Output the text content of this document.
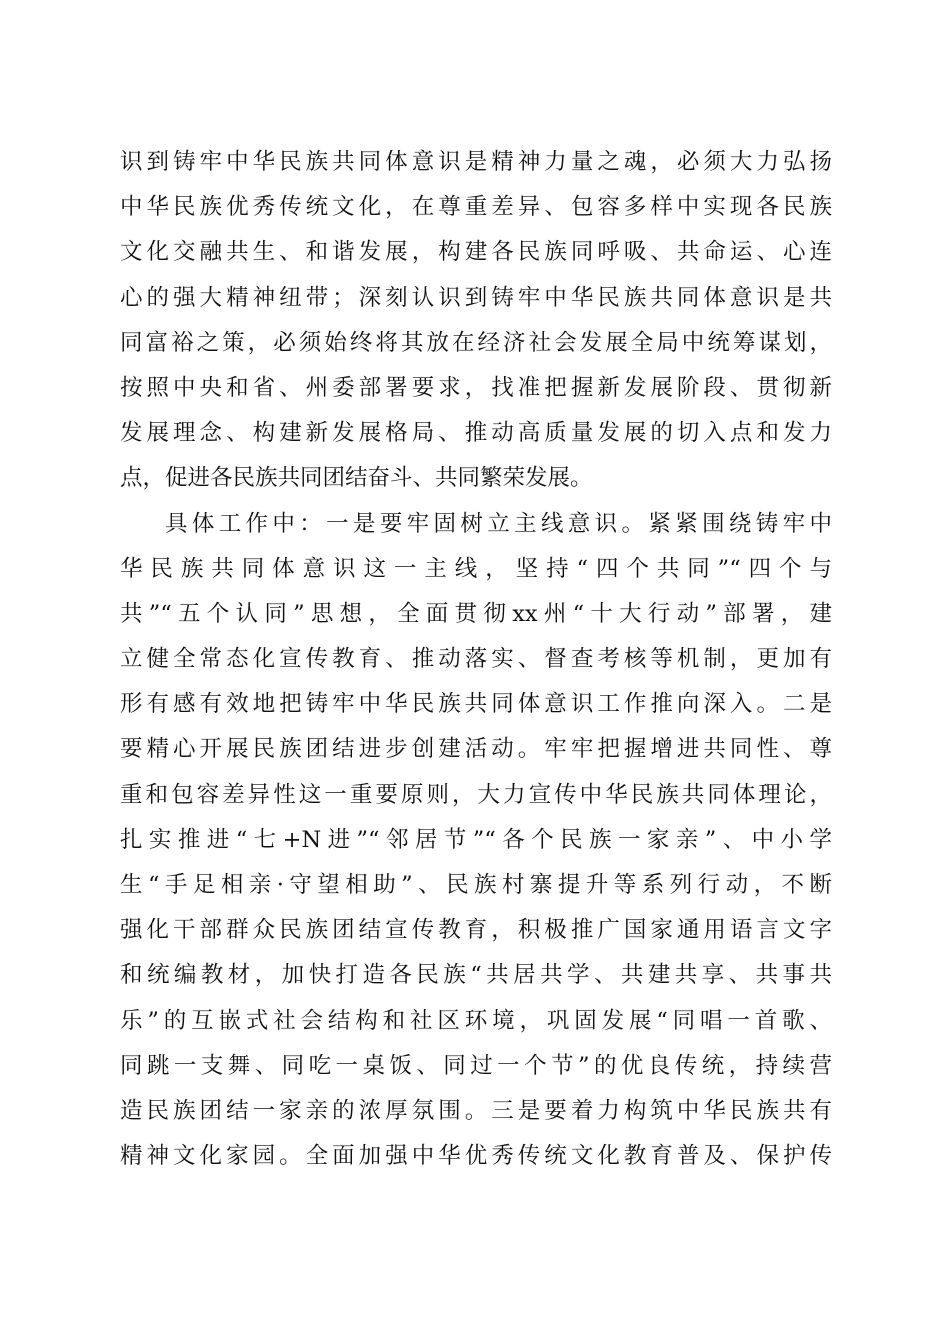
识到铸牢中华民族共同体意识是精神力量之魂，必须大力弘扬
中华民族优秀传统文化，在尊重差异、包容多样中实现各民族
文化交融共生、和谐发展，构建各民族同呼吸、共命运、心连
心的强大精神纽带；深刻认识到铸牢中华民族共同体意识是共
同富裕之策，必须始终将其放在经济社会发展全局中统筹谋划，
按照中央和省、州委部署要求，找准把握新发展阶段、贯彻新
发展理念、构建新发展格局、推动高质量发展的切入点和发力
点，促进各民族共同团结奋斗、共同繁荣发展。
具体工作中：一是要牢固树立主线意识。紧紧围绕铸牢中
华民族共同体意识这一主线，坚持“四个共同”“四个与
共”“五个认同”思想，全面贯彻xx州“十大行动”部署，建
立健全常态化宣传教育、推动落实、督查考核等机制，更加有
形有感有效地把铸牢中华民族共同体意识工作推向深入。二是
要精心开展民族团结进步创建活动。牢牢把握增进共同性、尊
重和包容差异性这一重要原则，大力宣传中华民族共同体理论，
扎实推进“七+N进”“邻居节”“各个民族一家亲”、中小学
生“手足相亲·守望相助”、民族村寨提升等系列行动，不断
强化干部群众民族团结宣传教育，积极推广国家通用语言文字
和统编教材，加快打造各民族“共居共学、共建共享、共事共
乐”的互嵌式社会结构和社区环境，巩固发展“同唱一首歌、
同跳一支舞、同吃一桌饭、同过一个节”的优良传统，持续营
造民族团结一家亲的浓厚氛围。三是要着力构筑中华民族共有
精神文化家园。全面加强中华优秀传统文化教育普及、保护传
